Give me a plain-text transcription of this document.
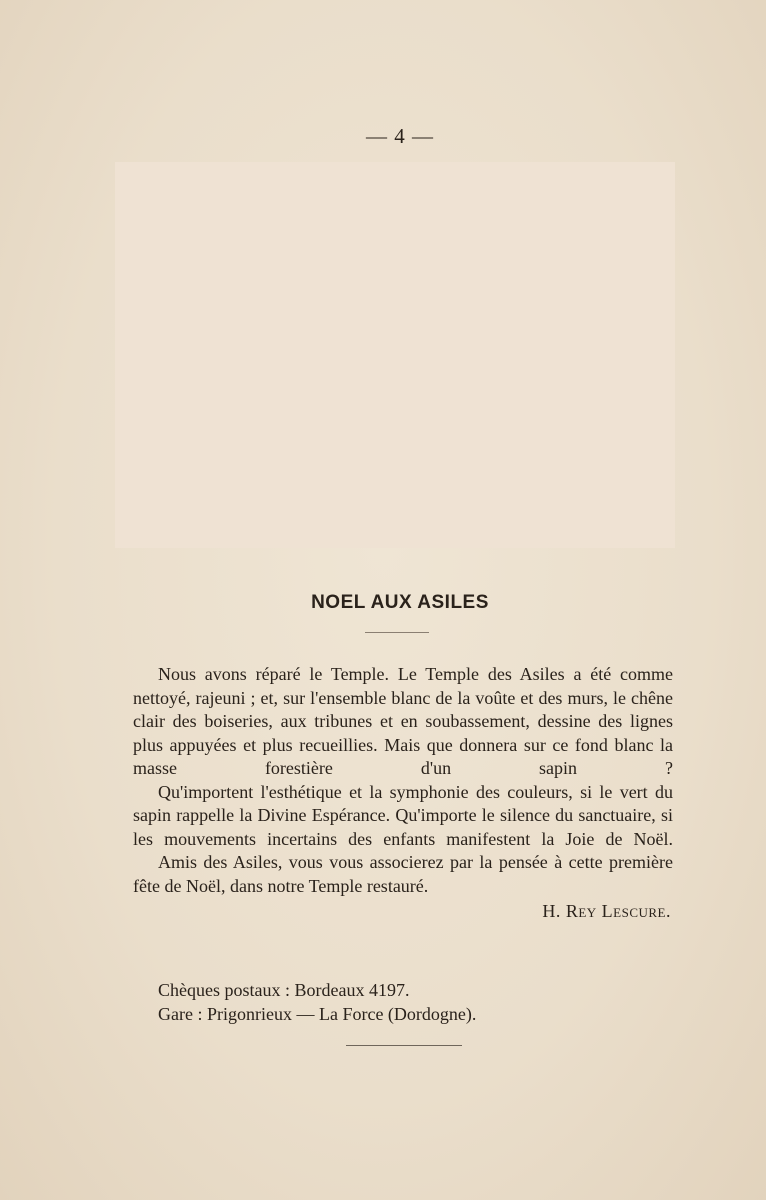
— 4 —
NOEL AUX ASILES

Nous avons réparé le Temple. Le Temple des Asiles a été comme nettoyé, rajeuni ; et, sur l'ensemble blanc de la voûte et des murs, le chêne clair des boiseries, aux tribunes et en soubassement, dessine des lignes plus appuyées et plus recueillies. Mais que donnera sur ce fond blanc la masse forestière d'un sapin ?

Qu'importent l'esthétique et la symphonie des couleurs, si le vert du sapin rappelle la Divine Espérance. Qu'importe le silence du sanctuaire, si les mouvements incertains des enfants manifestent la Joie de Noël.

Amis des Asiles, vous vous associerez par la pensée à cette première fête de Noël, dans notre Temple restauré.

H. Rey Lescure.
Chèques postaux : Bordeaux 4197.
Gare : Prigonrieux — La Force (Dordogne).
